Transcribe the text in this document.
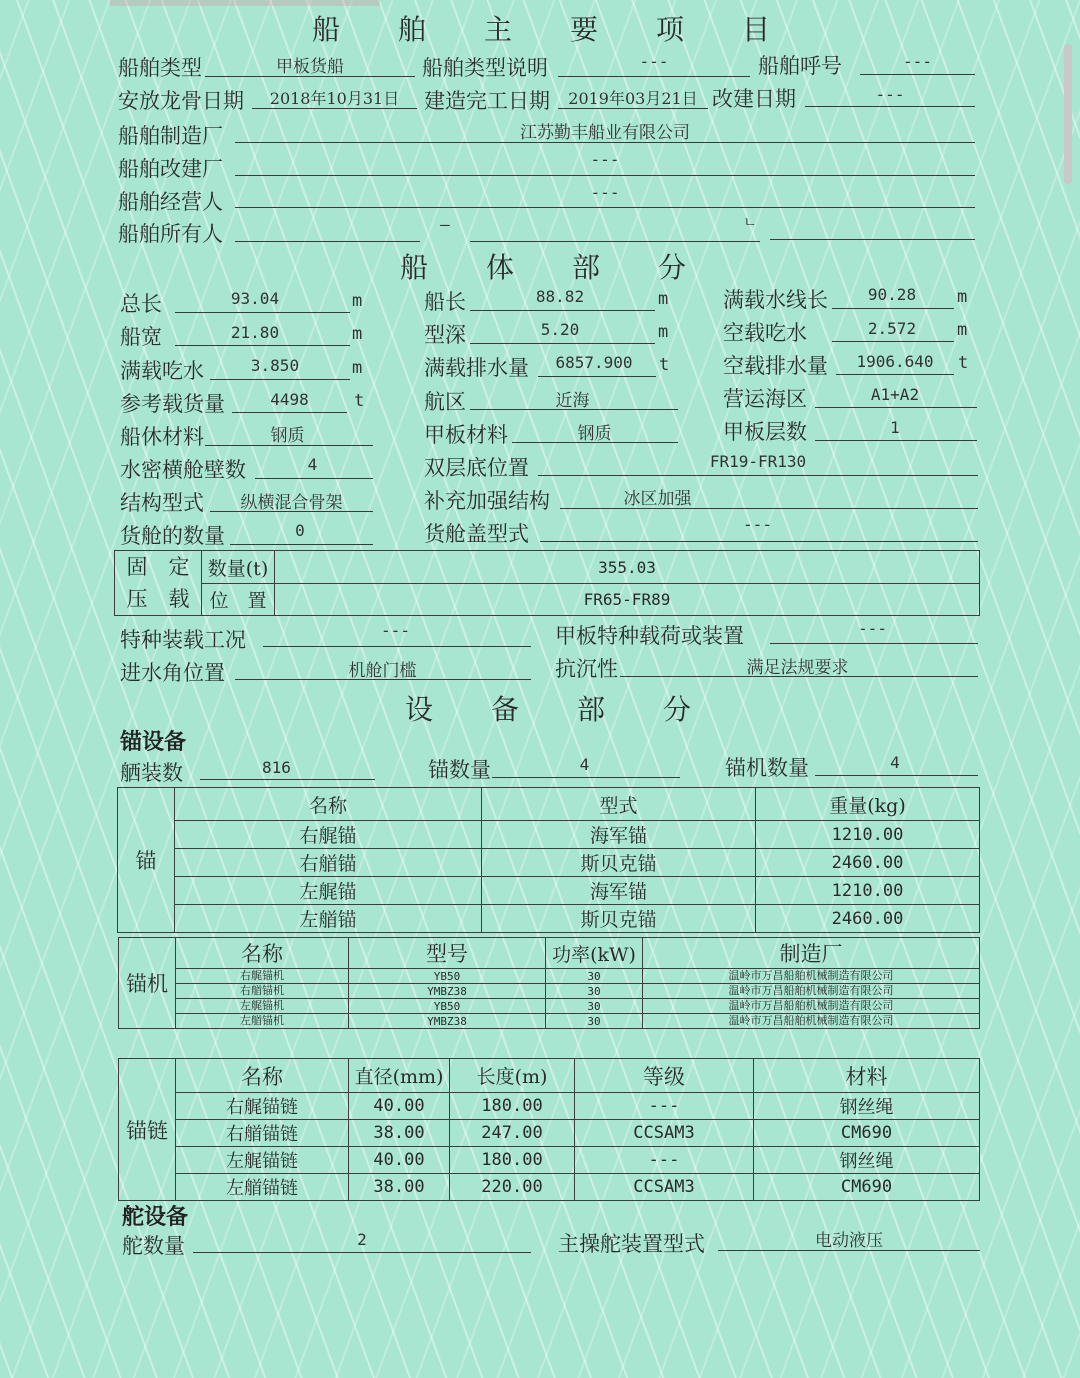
船舶主要项目
船舶类型	甲板货船	船舶类型说明	---	船舶呼号	---
安放龙骨日期	2018年10月31日	建造完工日期	2019年03月21日 改建日期	---
船舶制造厂	江苏勤丰船业有限公司
船舶改建厂	---
船舶经营人	---
船舶所有人	—	ㄴ
船体部分
总长	93.04	m	船长	88.82	m	满载水线长	90.28	m
船宽	21.80	m	型深	5.20	m	空载吃水	2.572	m
满载吃水	3.850	m	满载排水量	6857.900	t	空载排水量	1906.640	t
参考载货量	4498	t	航区	近海	营运海区	A1+A2
船休材料	钢质	甲板材料	钢质	甲板层数	1
水密横舱壁数	4	双层底位置	FR19-FR130
结构型式	纵横混合骨架	补充加强结构	冰区加强
货舱的数量	0	货舱盖型式	---
固　定
压　载	数量(t)	355.03
	位　置	FR65-FR89
特种装载工况	---	甲板特种载荷或装置	---
进水角位置	机舱门槛	抗沉性	满足法规要求
设备部分
锚设备
舾装数	816	锚数量	4	锚机数量	4
锚	名称	型式	重量(kg)
	右艉锚	海军锚	1210.00
	右艏锚	斯贝克锚	2460.00
	左艉锚	海军锚	1210.00
	左艏锚	斯贝克锚	2460.00
锚机	名称	型号	功率(kW)	制造厂
	右艉锚机	YB50	30	温岭市万昌船舶机械制造有限公司
	右艏锚机	YMBZ38	30	温岭市万昌船舶机械制造有限公司
	左艉锚机	YB50	30	温岭市万昌船舶机械制造有限公司
	左艏锚机	YMBZ38	30	温岭市万昌船舶机械制造有限公司
锚链	名称	直径(mm)	长度(m)	等级	材料
	右艉锚链	40.00	180.00	---	钢丝绳
	右艏锚链	38.00	247.00	CCSAM3	CM690
	左艉锚链	40.00	180.00	---	钢丝绳
	左艏锚链	38.00	220.00	CCSAM3	CM690
舵设备
舵数量	2	主操舵装置型式	电动液压
